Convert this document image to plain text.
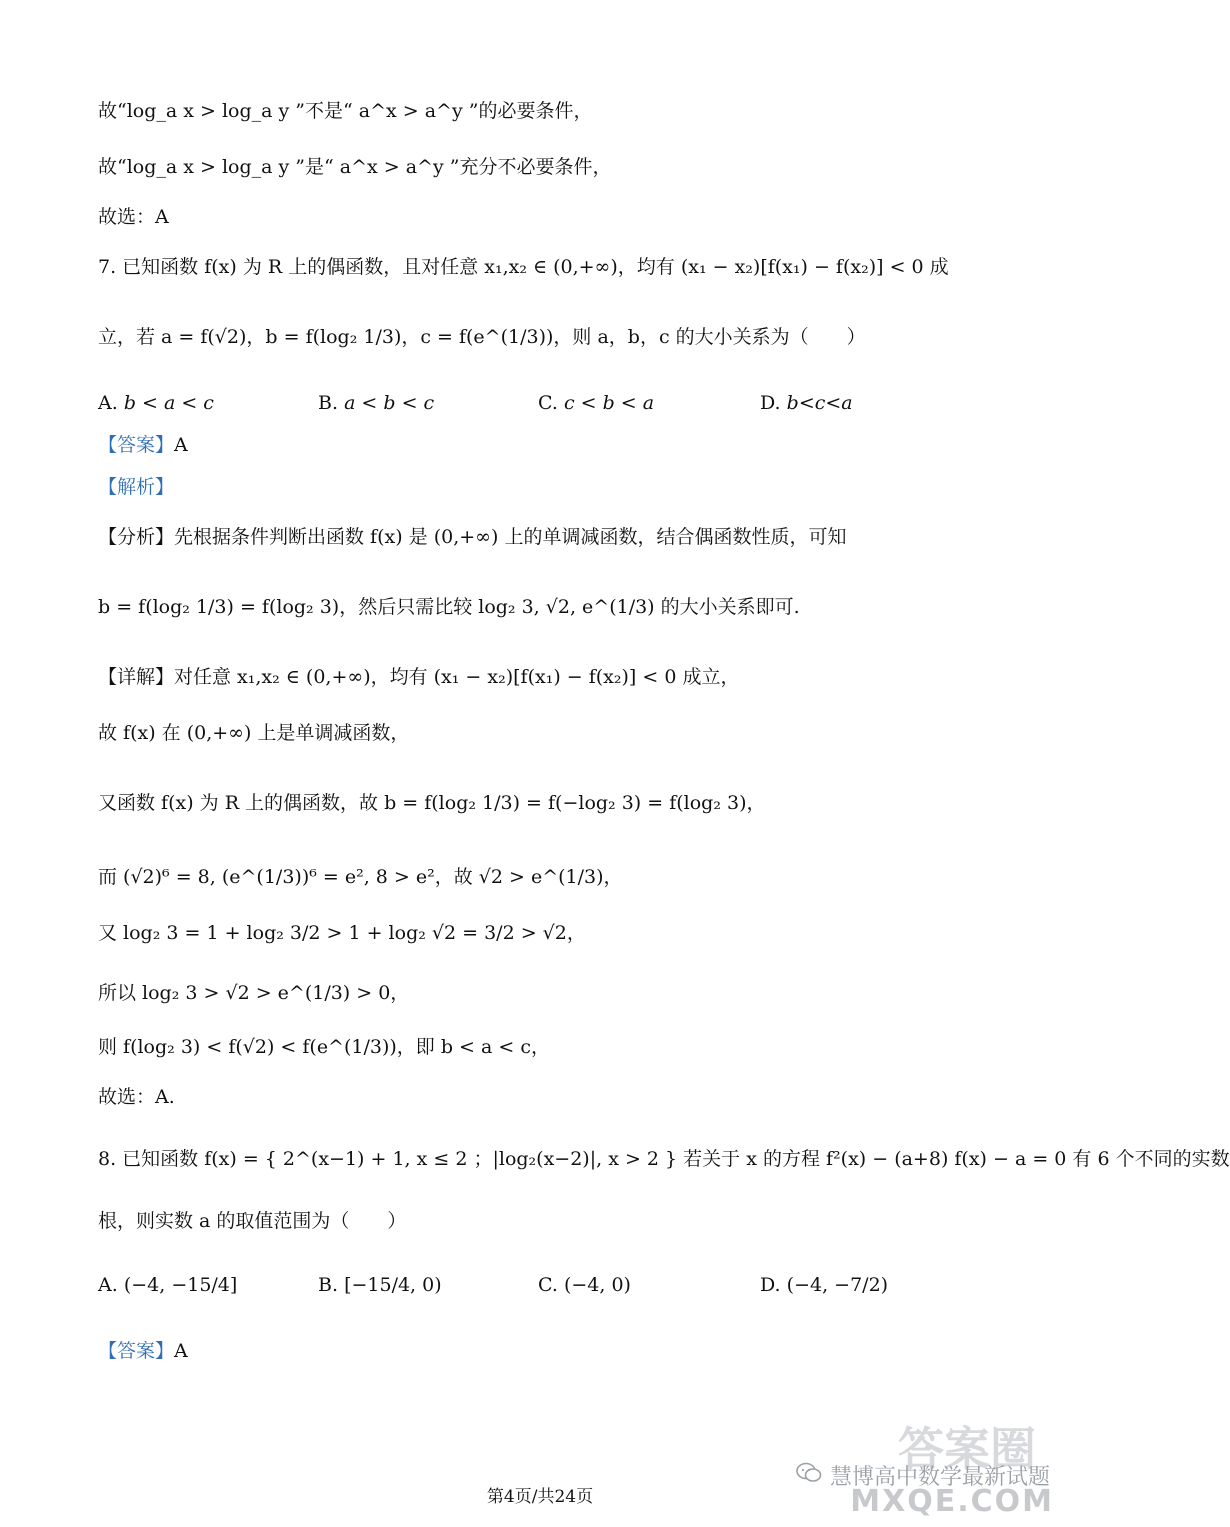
故“log_a x > log_a y ”不是“ a^x > a^y ”的必要条件，
故“log_a x > log_a y ”是“ a^x > a^y ”充分不必要条件，
故选：A
7. 已知函数 f(x) 为 R 上的偶函数，且对任意 x₁,x₂ ∈ (0,+∞)，均有 (x₁ − x₂)[f(x₁) − f(x₂)] < 0 成
立，若 a = f(√2)，b = f(log₂ 1/3)，c = f(e^(1/3))，则 a，b，c 的大小关系为（　　）
A. b < a < c	B. a < b < c	C. c < b < a	D. b<c<a
【答案】A
【解析】
【分析】先根据条件判断出函数 f(x) 是 (0,+∞) 上的单调减函数，结合偶函数性质，可知
b = f(log₂ 1/3) = f(log₂ 3)，然后只需比较 log₂ 3, √2, e^(1/3) 的大小关系即可.
【详解】对任意 x₁,x₂ ∈ (0,+∞)，均有 (x₁ − x₂)[f(x₁) − f(x₂)] < 0 成立，
故 f(x) 在 (0,+∞) 上是单调减函数，
又函数 f(x) 为 R 上的偶函数，故 b = f(log₂ 1/3) = f(−log₂ 3) = f(log₂ 3)，
而 (√2)⁶ = 8, (e^(1/3))⁶ = e², 8 > e²，故 √2 > e^(1/3)，
又 log₂ 3 = 1 + log₂ 3/2 > 1 + log₂ √2 = 3/2 > √2，
所以 log₂ 3 > √2 > e^(1/3) > 0，
则 f(log₂ 3) < f(√2) < f(e^(1/3))，即 b < a < c，
故选：A.
8. 已知函数 f(x) = { 2^(x−1) + 1, x ≤ 2 ；|log₂(x−2)|, x > 2 } 若关于 x 的方程 f²(x) − (a+8) f(x) − a = 0 有 6 个不同的实数
根，则实数 a 的取值范围为（　　）
A. (−4, −15/4]	B. [−15/4, 0)	C. (−4, 0)	D. (−4, −7/2)
【答案】A
答案圈
慧博高中数学最新试题
MXQE.COM
第4页/共24页
